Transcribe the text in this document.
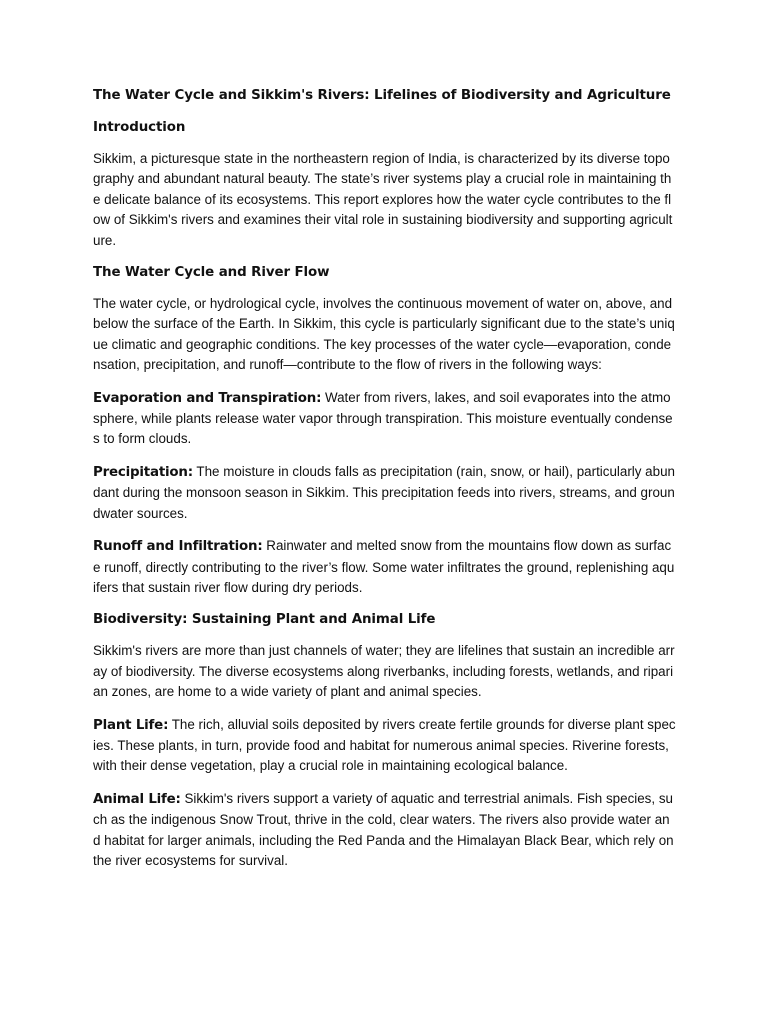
The Water Cycle and Sikkim's Rivers: Lifelines of Biodiversity and Agriculture
Introduction

Sikkim, a picturesque state in the northeastern region of India, is characterized by its diverse topography and abundant natural beauty. The state’s river systems play a crucial role in maintaining the delicate balance of its ecosystems. This report explores how the water cycle contributes to the flow of Sikkim's rivers and examines their vital role in sustaining biodiversity and supporting agriculture.

The Water Cycle and River Flow

The water cycle, or hydrological cycle, involves the continuous movement of water on, above, and below the surface of the Earth. In Sikkim, this cycle is particularly significant due to the state’s unique climatic and geographic conditions. The key processes of the water cycle—evaporation, condensation, precipitation, and runoff—contribute to the flow of rivers in the following ways:

Evaporation and Transpiration: Water from rivers, lakes, and soil evaporates into the atmosphere, while plants release water vapor through transpiration. This moisture eventually condenses to form clouds.

Precipitation: The moisture in clouds falls as precipitation (rain, snow, or hail), particularly abundant during the monsoon season in Sikkim. This precipitation feeds into rivers, streams, and groundwater sources.

Runoff and Infiltration: Rainwater and melted snow from the mountains flow down as surface runoff, directly contributing to the river’s flow. Some water infiltrates the ground, replenishing aquifers that sustain river flow during dry periods.

Biodiversity: Sustaining Plant and Animal Life

Sikkim's rivers are more than just channels of water; they are lifelines that sustain an incredible array of biodiversity. The diverse ecosystems along riverbanks, including forests, wetlands, and riparian zones, are home to a wide variety of plant and animal species.

Plant Life: The rich, alluvial soils deposited by rivers create fertile grounds for diverse plant species. These plants, in turn, provide food and habitat for numerous animal species. Riverine forests, with their dense vegetation, play a crucial role in maintaining ecological balance.

Animal Life: Sikkim's rivers support a variety of aquatic and terrestrial animals. Fish species, such as the indigenous Snow Trout, thrive in the cold, clear waters. The rivers also provide water and habitat for larger animals, including the Red Panda and the Himalayan Black Bear, which rely on the river ecosystems for survival.
